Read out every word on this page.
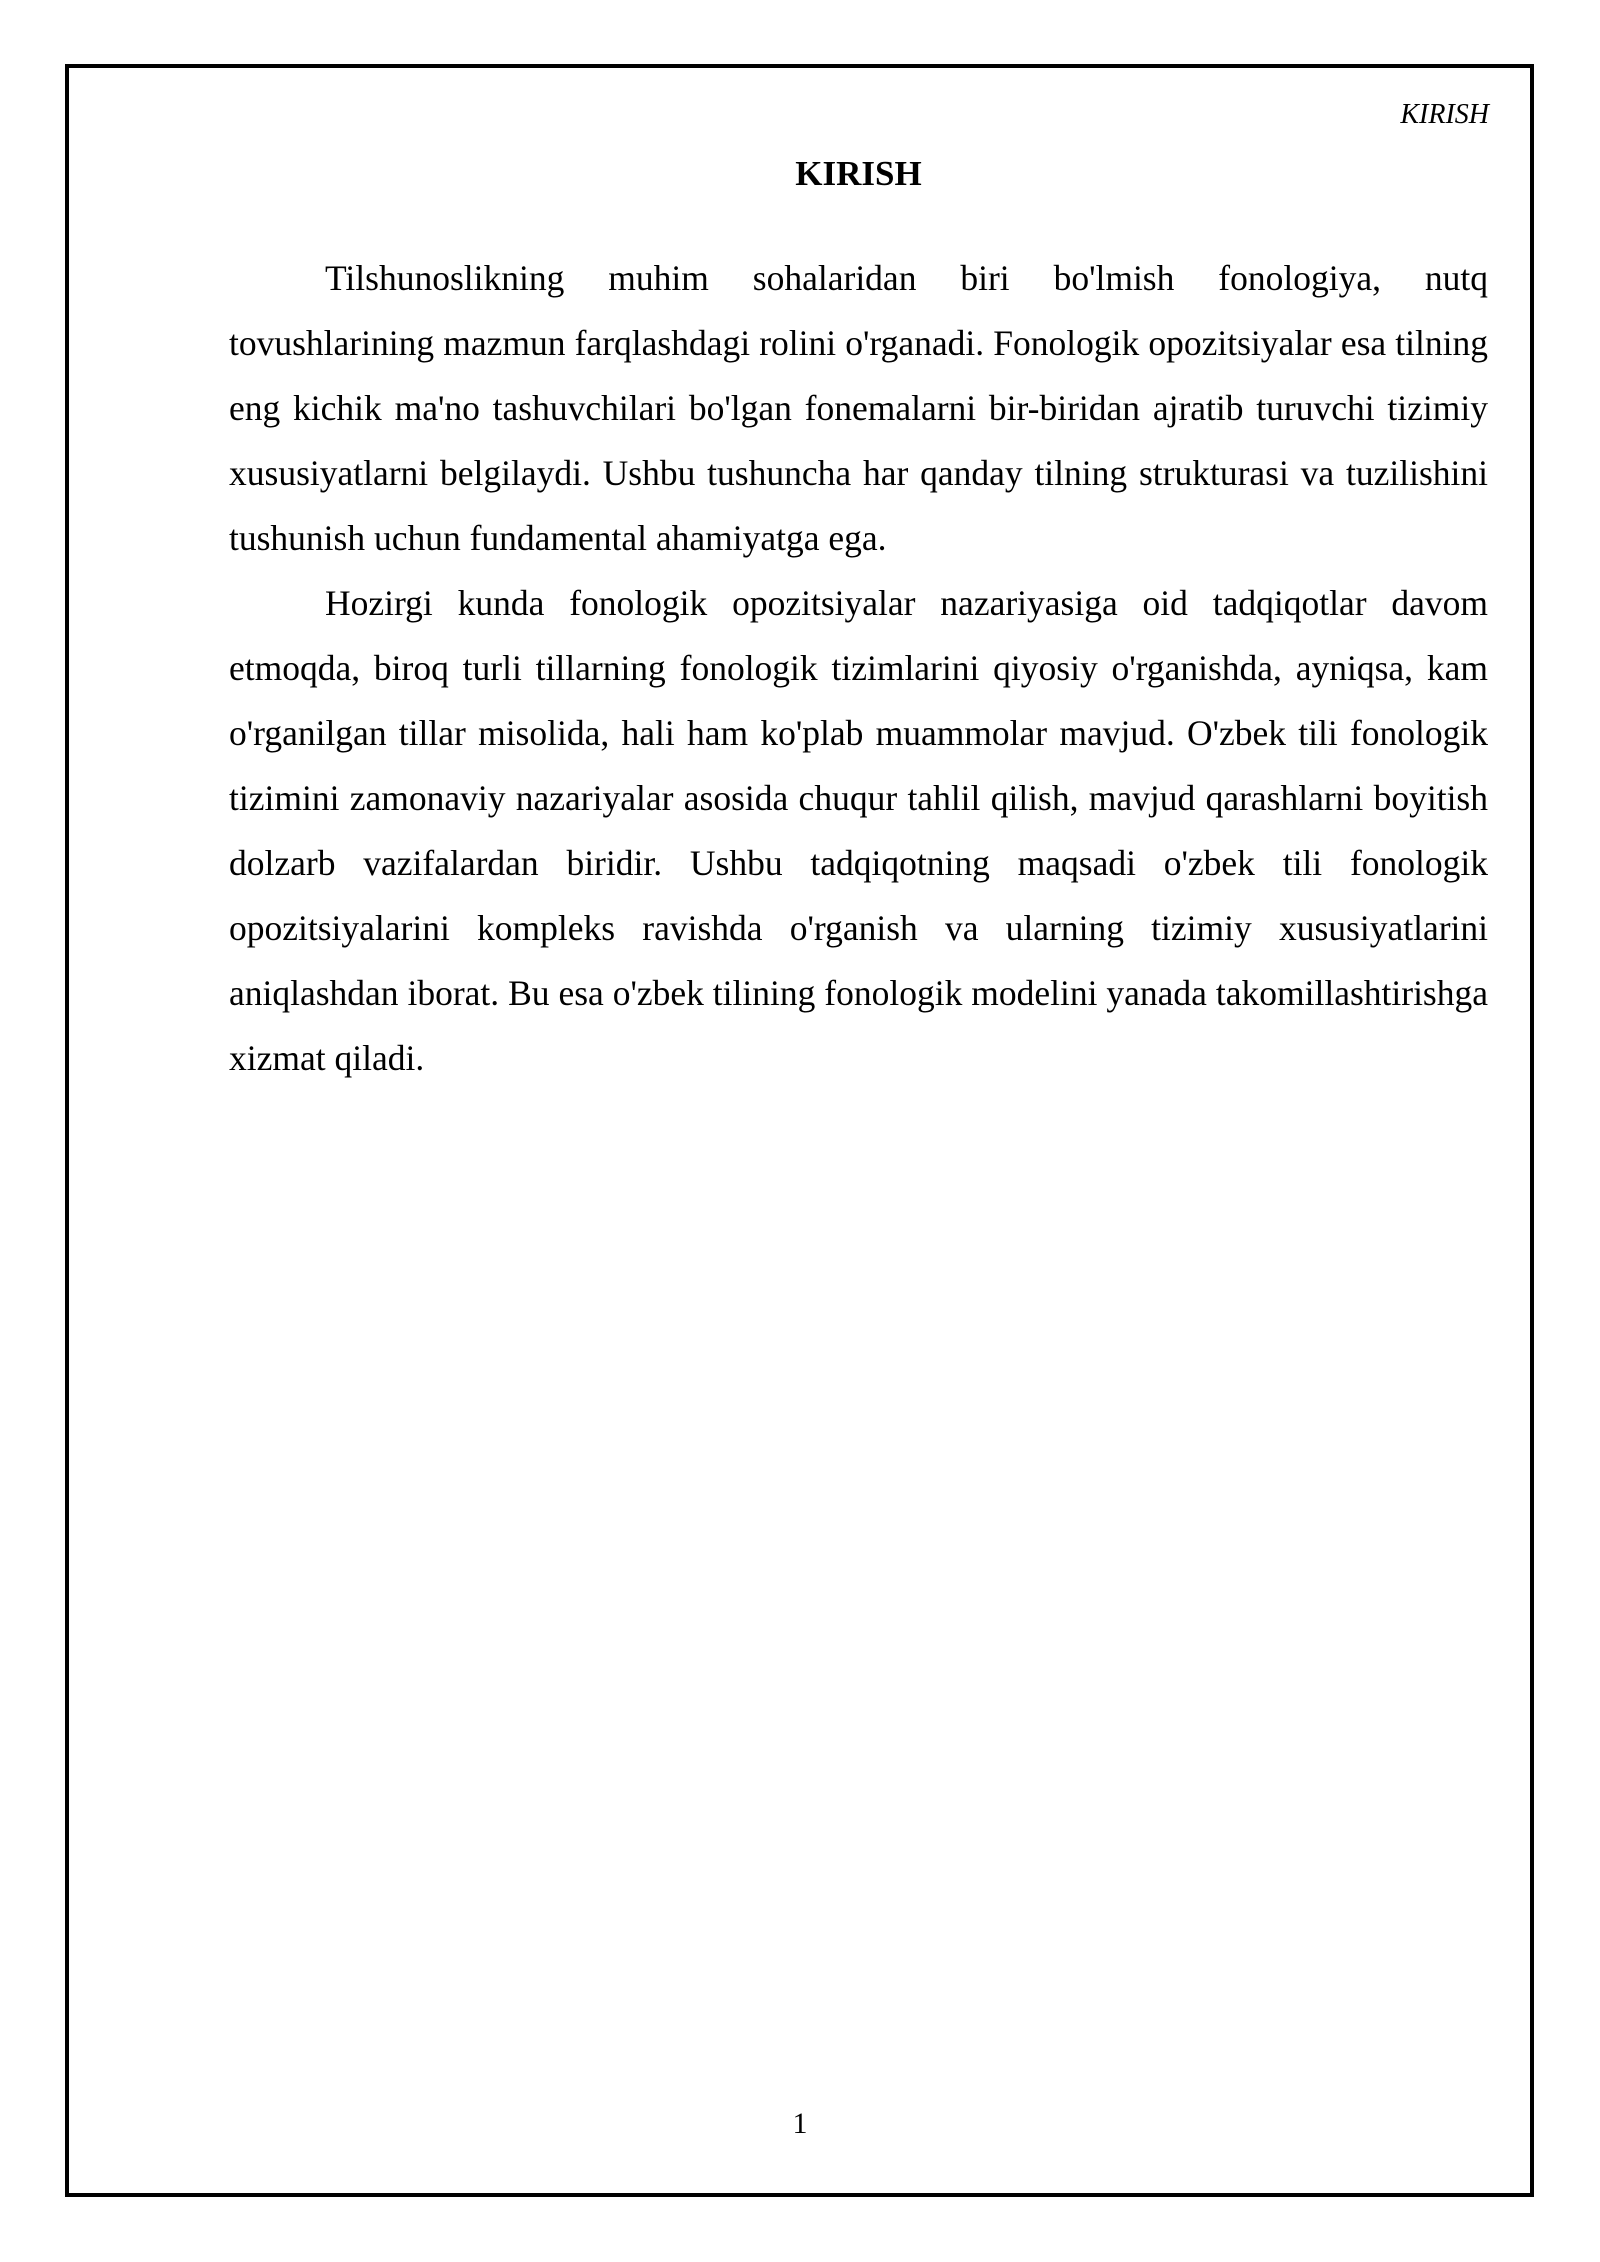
KIRISH
KIRISH

Tilshunoslikning muhim sohalaridan biri bo'lmish fonologiya, nutq tovushlarining mazmun farqlashdagi rolini o'rganadi. Fonologik opozitsiyalar esa tilning eng kichik ma'no tashuvchilari bo'lgan fonemalarni bir-biridan ajratib turuvchi tizimiy xususiyatlarni belgilaydi. Ushbu tushuncha har qanday tilning strukturasi va tuzilishini tushunish uchun fundamental ahamiyatga ega.

Hozirgi kunda fonologik opozitsiyalar nazariyasiga oid tadqiqotlar davom etmoqda, biroq turli tillarning fonologik tizimlarini qiyosiy o'rganishda, ayniqsa, kam o'rganilgan tillar misolida, hali ham ko'plab muammolar mavjud. O'zbek tili fonologik tizimini zamonaviy nazariyalar asosida chuqur tahlil qilish, mavjud qarashlarni boyitish dolzarb vazifalardan biridir. Ushbu tadqiqotning maqsadi o'zbek tili fonologik opozitsiyalarini kompleks ravishda o'rganish va ularning tizimiy xususiyatlarini aniqlashdan iborat. Bu esa o'zbek tilining fonologik modelini yanada takomillashtirishga xizmat qiladi.

1
